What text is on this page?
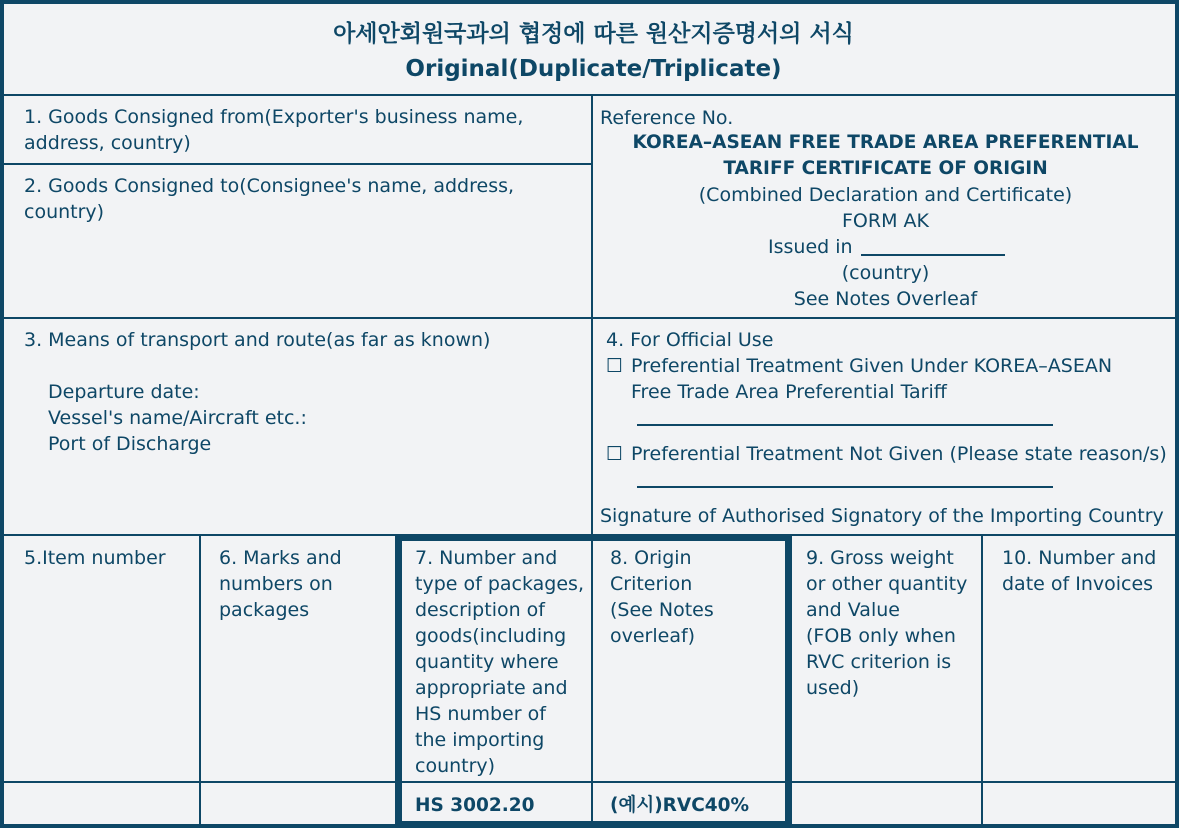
아세안회원국과의 협정에 따른 원산지증명서의 서식
Original(Duplicate/Triplicate)
1. Goods Consigned from(Exporter's business name,
address, country)
2. Goods Consigned to(Consignee's name, address,
country)
Reference No.
KOREA–ASEAN FREE TRADE AREA PREFERENTIAL
TARIFF CERTIFICATE OF ORIGIN
(Combined Declaration and Certificate)
FORM AK
Issued in
(country)
See Notes Overleaf
3. Means of transport and route(as far as known)
Departure date:
Vessel's name/Aircraft etc.:
Port of Discharge
4. For Official Use
☐ Preferential Treatment Given Under KOREA–ASEAN
Free Trade Area Preferential Tariff
☐ Preferential Treatment Not Given (Please state reason/s)
Signature of Authorised Signatory of the Importing Country
5.Item number	6. Marks and
numbers on
packages
7. Number and
type of packages,
description of
goods(including
quantity where
appropriate and
HS number of
the importing
country)
8. Origin
Criterion
(See Notes
overleaf)
9. Gross weight
or other quantity
and Value
(FOB only when
RVC criterion is
used)
10. Number and
date of Invoices
HS 3002.20	(예시)RVC40%
